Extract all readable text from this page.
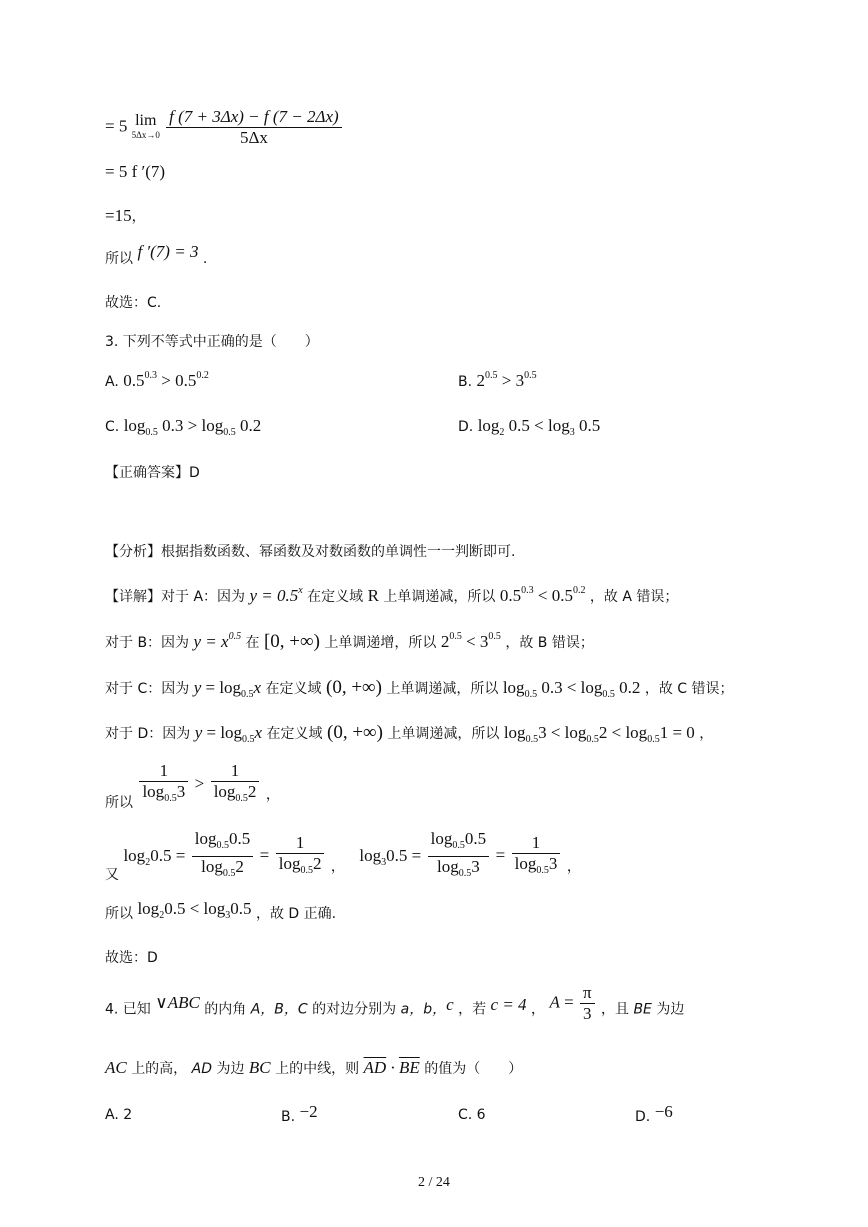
= 5 lim
5Δx→0
$\frac{f (7 + 3\Delta x) - f (7 - 2\Delta x)}{5\Delta x}$
= 5 f ′(7)
=15，
所以 f ′(7) = 3 .
故选：C.
3. 下列不等式中正确的是（　　）
A. $0.5^{0.3} > 0.5^{0.2}$	B. $2^{0.5} > 3^{0.5}$
C. $\log_{0.5} 0.3 > \log_{0.5} 0.2$	D. $\log_2 0.5 < \log_3 0.5$
【正确答案】D
【分析】根据指数函数、幂函数及对数函数的单调性一一判断即可.
【详解】对于 A：因为 $y = 0.5^x$ 在定义域 R 上单调递减，所以 $0.5^{0.3} < 0.5^{0.2}$ ，故 A 错误；
对于 B：因为 $y = x^{0.5}$ 在 [0, +∞) 上单调递增，所以 $2^{0.5} < 3^{0.5}$ ，故 B 错误；
对于 C：因为 $y = \log_{0.5}x$ 在定义域 (0, +∞) 上单调递减，所以 $\log_{0.5} 0.3 < \log_{0.5} 0.2$ ，故 C 错误；
对于 D：因为 $y = \log_{0.5}x$ 在定义域 (0, +∞) 上单调递减，所以 $\log_{0.5}3 < \log_{0.5}2 < \log_{0.5}1 = 0$ ，
所以 $\frac{1}{\log_{0.5}3} > \frac{1}{\log_{0.5}2}$ ，
又 $\log_20.5 = \frac{\log_{0.5}0.5}{\log_{0.5}2} = \frac{1}{\log_{0.5}2}$ ， $\log_30.5 = \frac{\log_{0.5}0.5}{\log_{0.5}3} = \frac{1}{\log_{0.5}3}$ ，
所以 $\log_20.5 < \log_30.5$ ，故 D 正确.
故选：D
4. 已知 ∨ABC 的内角 A，B，C 的对边分别为 a，b，c ，若 c = 4 ， $A = \frac{\pi}{3}$ ，且 BE 为边
AC 上的高， AD 为边 BC 上的中线，则 $\overline{AD} \cdot \overline{BE}$ 的值为（　　）
A. 2	B. −2	C. 6	D. −6
2 / 24
